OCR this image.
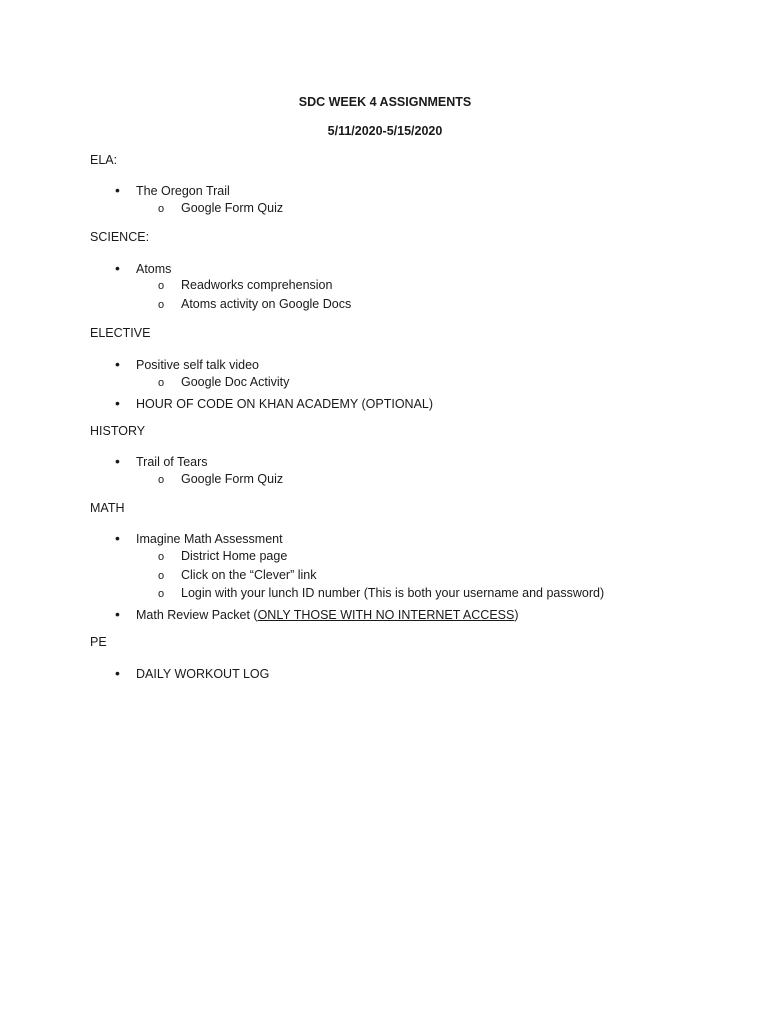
SDC WEEK 4 ASSIGNMENTS
5/11/2020-5/15/2020
ELA:
• The Oregon Trail
o Google Form Quiz
SCIENCE:
• Atoms
o Readworks comprehension
o Atoms activity on Google Docs
ELECTIVE
• Positive self talk video
o Google Doc Activity
• HOUR OF CODE ON KHAN ACADEMY (OPTIONAL)
HISTORY
• Trail of Tears
o Google Form Quiz
MATH
• Imagine Math Assessment
o District Home page
o Click on the “Clever” link
o Login with your lunch ID number (This is both your username and password)
• Math Review Packet (ONLY THOSE WITH NO INTERNET ACCESS)
PE
• DAILY WORKOUT LOG
